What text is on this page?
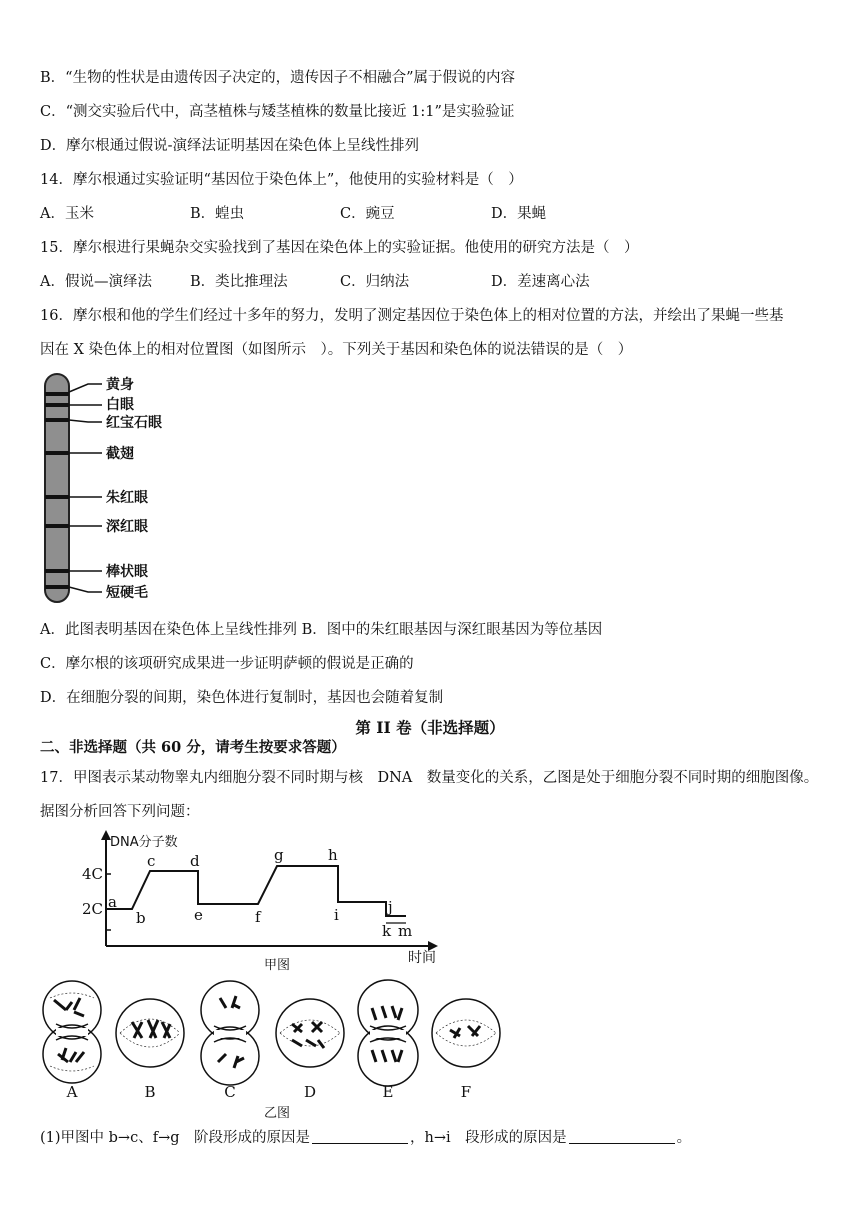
B．“生物的性状是由遗传因子决定的，遗传因子不相融合”属于假说的内容
C．“测交实验后代中，高茎植株与矮茎植株的数量比接近 1:1”是实验验证
D．摩尔根通过假说-演绎法证明基因在染色体上呈线性排列
14．摩尔根通过实验证明“基因位于染色体上”，他使用的实验材料是（　）
A．玉米	B．蝗虫	C．豌豆	D．果蝇
15．摩尔根进行果蝇杂交实验找到了基因在染色体上的实验证据。他使用的研究方法是（　）
A．假说—演绎法	B．类比推理法	C．归纳法	D．差速离心法
16．摩尔根和他的学生们经过十多年的努力，发明了测定基因位于染色体上的相对位置的方法，并绘出了果蝇一些基
因在 X 染色体上的相对位置图（如图所示　）。下列关于基因和染色体的说法错误的是（　）
黄身
白眼
红宝石眼
截翅
朱红眼
深红眼
棒状眼
短硬毛
A．此图表明基因在染色体上呈线性排列 B．图中的朱红眼基因与深红眼基因为等位基因
C．摩尔根的该项研究成果进一步证明萨顿的假说是正确的
D．在细胞分裂的间期，染色体进行复制时，基因也会随着复制
第 II 卷（非选择题）
二、非选择题（共 60 分，请考生按要求答题）
17．甲图表示某动物睾丸内细胞分裂不同时期与核　DNA　数量变化的关系，乙图是处于细胞分裂不同时期的细胞图像。
据图分析回答下列问题：
DNA分子数
时间
4C
2C a
b
c d
e	f
g	h
i	j
k m
甲图
A	B	C	D	E	F
乙图
(1)甲图中 b→c、f→g　阶段形成的原因是	，h→i　段形成的原因是	。
